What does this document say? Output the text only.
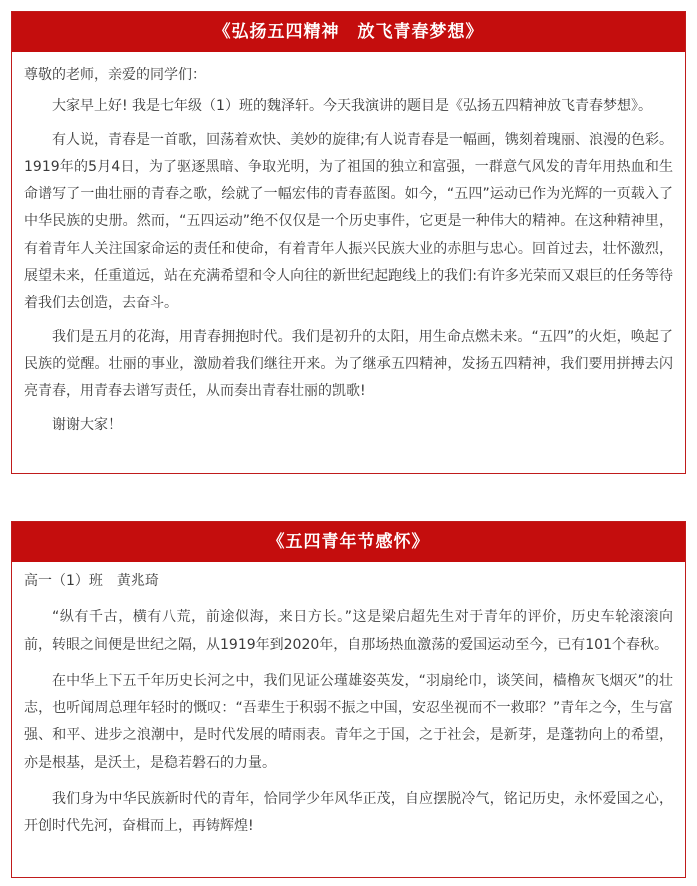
《弘扬五四精神　放飞青春梦想》

尊敬的老师，亲爱的同学们：

大家早上好! 我是七年级（1）班的魏泽轩。今天我演讲的题目是《弘扬五四精神放飞青春梦想》。

有人说，青春是一首歌，回荡着欢快、美妙的旋律;有人说青春是一幅画，镌刻着瑰丽、浪漫的色彩。 1919年的5月4日，为了驱逐黑暗、争取光明，为了祖国的独立和富强，一群意气风发的青年用热血和生命谱写了一曲壮丽的青春之歌，绘就了一幅宏伟的青春蓝图。如今，“五四”运动已作为光辉的一页载入了中华民族的史册。然而，“五四运动”绝不仅仅是一个历史事件，它更是一种伟大的精神。在这种精神里，有着青年人关注国家命运的责任和使命，有着青年人振兴民族大业的赤胆与忠心。回首过去，壮怀激烈，展望未来，任重道远，站在充满希望和令人向往的新世纪起跑线上的我们:有许多光荣而又艰巨的任务等待着我们去创造，去奋斗。

我们是五月的花海，用青春拥抱时代。我们是初升的太阳，用生命点燃未来。“五四”的火炬，唤起了民族的觉醒。壮丽的事业，激励着我们继往开来。为了继承五四精神，发扬五四精神，我们要用拼搏去闪亮青春，用青春去谱写责任，从而奏出青春壮丽的凯歌!

谢谢大家！

《五四青年节感怀》

高一（1）班　黄兆琦

“纵有千古，横有八荒，前途似海，来日方长。”这是梁启超先生对于青年的评价，历史车轮滚滚向前，转眼之间便是世纪之隔，从1919年到2020年，自那场热血激荡的爱国运动至今，已有101个春秋。

在中华上下五千年历史长河之中，我们见证公瑾雄姿英发，“羽扇纶巾，谈笑间，樯橹灰飞烟灭”的壮志，也听闻周总理年轻时的慨叹：“吾辈生于积弱不振之中国，安忍坐视而不一救耶？”青年之今，生与富强、和平、进步之浪潮中，是时代发展的晴雨表。青年之于国，之于社会，是新芽，是蓬勃向上的希望，亦是根基，是沃土，是稳若磐石的力量。

我们身为中华民族新时代的青年，恰同学少年风华正茂，自应摆脱冷气，铭记历史，永怀爱国之心，开创时代先河，奋楫而上，再铸辉煌!
